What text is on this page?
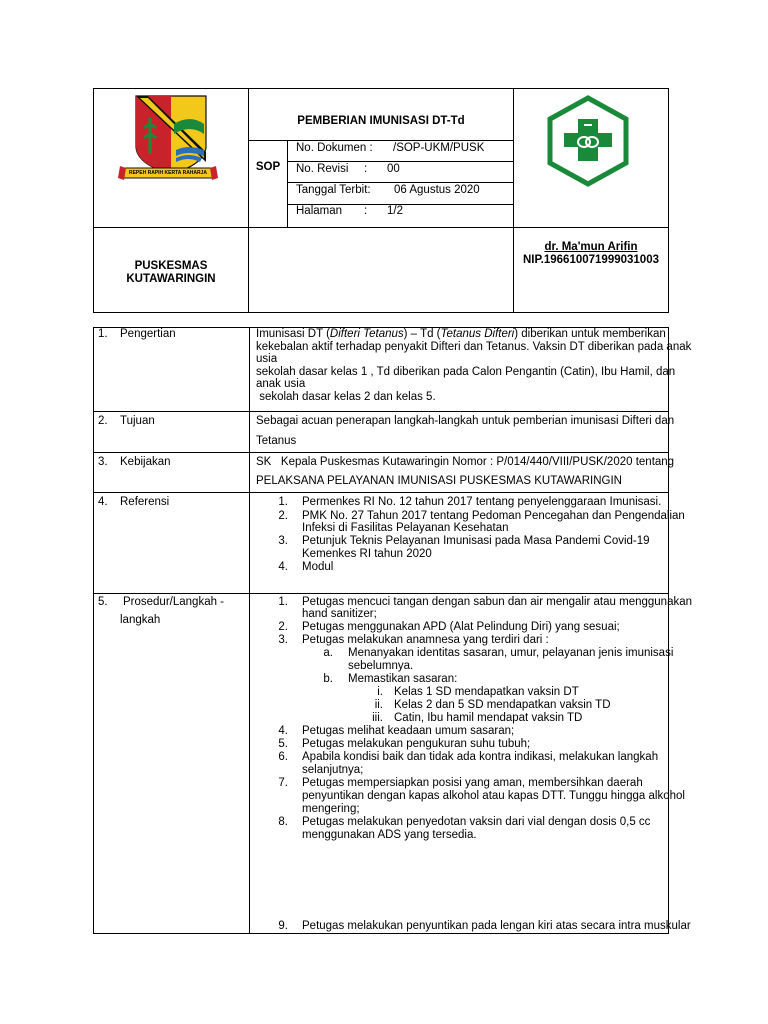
REPEH RAPIH KERTA RAHARJA
PEMBERIAN IMUNISASI DT-Td
SOP
No. Dokumen : /SOP-UKM/PUSK
No. Revisi : 00
Tanggal Terbit: 06 Agustus 2020
Halaman : 1/2
PUSKESMAS
KUTAWARINGIN
dr. Ma'mun Arifin
NIP.196610071999031003
1. Pengertian	Imunisasi DT (Difteri Tetanus) – Td (Tetanus Difteri) diberikan untuk memberikan
kekebalan aktif terhadap penyakit Difteri dan Tetanus. Vaksin DT diberikan pada anak
usia
sekolah dasar kelas 1 , Td diberikan pada Calon Pengantin (Catin), Ibu Hamil, dan
anak usia
sekolah dasar kelas 2 dan kelas 5.
2. Tujuan	Sebagai acuan penerapan langkah-langkah untuk pemberian imunisasi Difteri dan
Tetanus
3. Kebijakan	SK   Kepala Puskesmas Kutawaringin Nomor : P/014/440/VIII/PUSK/2020 tentang
PELAKSANA PELAYANAN IMUNISASI PUSKESMAS KUTAWARINGIN
4. Referensi	1. Permenkes RI No. 12 tahun 2017 tentang penyelenggaraan Imunisasi.
2. PMK No. 27 Tahun 2017 tentang Pedoman Pencegahan dan Pengendalian
Infeksi di Fasilitas Pelayanan Kesehatan
3. Petunjuk Teknis Pelayanan Imunisasi pada Masa Pandemi Covid-19
Kemenkes RI tahun 2020
4. Modul
5. Prosedur/Langkah -
langkah
1. Petugas mencuci tangan dengan sabun dan air mengalir atau menggunakan
hand sanitizer;
2. Petugas menggunakan APD (Alat Pelindung Diri) yang sesuai;
3. Petugas melakukan anamnesa yang terdiri dari :
a. Menanyakan identitas sasaran, umur, pelayanan jenis imunisasi
sebelumnya.
b. Memastikan sasaran:
i. Kelas 1 SD mendapatkan vaksin DT
ii. Kelas 2 dan 5 SD mendapatkan vaksin TD
iii. Catin, Ibu hamil mendapat vaksin TD
4. Petugas melihat keadaan umum sasaran;
5. Petugas melakukan pengukuran suhu tubuh;
6. Apabila kondisi baik dan tidak ada kontra indikasi, melakukan langkah
selanjutnya;
7. Petugas mempersiapkan posisi yang aman, membersihkan daerah
penyuntikan dengan kapas alkohol atau kapas DTT. Tunggu hingga alkohol
mengering;
8. Petugas melakukan penyedotan vaksin dari vial dengan dosis 0,5 cc
menggunakan ADS yang tersedia.
9. Petugas melakukan penyuntikan pada lengan kiri atas secara intra muskular
